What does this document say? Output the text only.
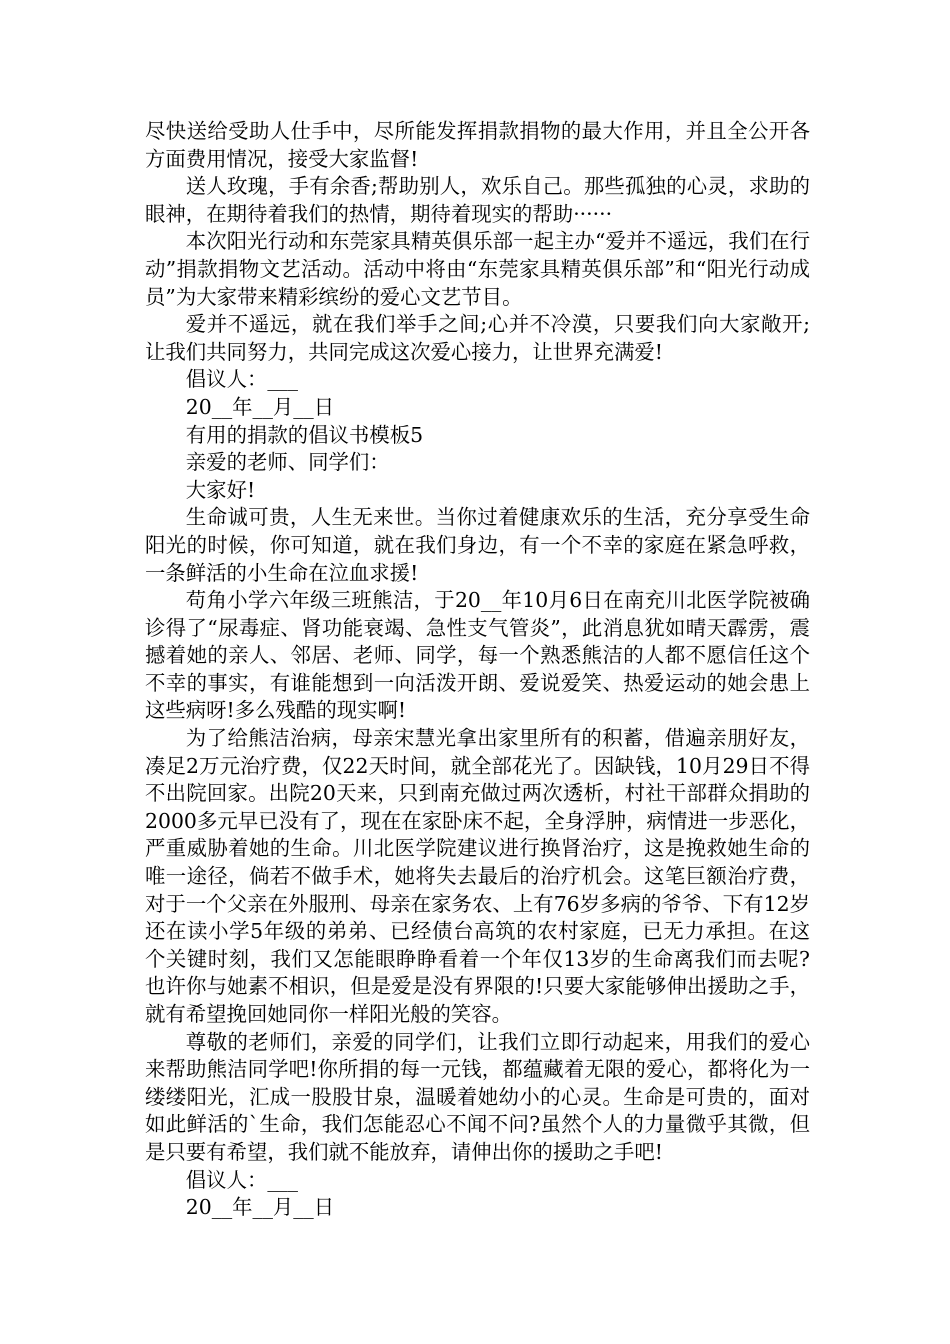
尽快送给受助人仕手中，尽所能发挥捐款捐物的最大作用，并且全公开各方面费用情况，接受大家监督!

送人玫瑰，手有余香;帮助别人，欢乐自己。那些孤独的心灵，求助的眼神，在期待着我们的热情，期待着现实的帮助······

本次阳光行动和东莞家具精英俱乐部一起主办“爱并不遥远，我们在行动”捐款捐物文艺活动。活动中将由“东莞家具精英俱乐部”和“阳光行动成员”为大家带来精彩缤纷的爱心文艺节目。

爱并不遥远，就在我们举手之间;心并不冷漠，只要我们向大家敞开;让我们共同努力，共同完成这次爱心接力，让世界充满爱!

倡议人：___

20__年__月__日

有用的捐款的倡议书模板5

亲爱的老师、同学们：

大家好!

生命诚可贵，人生无来世。当你过着健康欢乐的生活，充分享受生命阳光的时候，你可知道，就在我们身边，有一个不幸的家庭在紧急呼救，一条鲜活的小生命在泣血求援!

苟角小学六年级三班熊洁，于20__年10月6日在南充川北医学院被确诊得了“尿毒症、肾功能衰竭、急性支气管炎”，此消息犹如晴天霹雳，震撼着她的亲人、邻居、老师、同学，每一个熟悉熊洁的人都不愿信任这个不幸的事实，有谁能想到一向活泼开朗、爱说爱笑、热爱运动的她会患上这些病呀!多么残酷的现实啊!

为了给熊洁治病，母亲宋慧光拿出家里所有的积蓄，借遍亲朋好友，凑足2万元治疗费，仅22天时间，就全部花光了。因缺钱，10月29日不得不出院回家。出院20天来，只到南充做过两次透析，村社干部群众捐助的2000多元早已没有了，现在在家卧床不起，全身浮肿，病情进一步恶化，严重威胁着她的生命。川北医学院建议进行换肾治疗，这是挽救她生命的唯一途径，倘若不做手术，她将失去最后的治疗机会。这笔巨额治疗费，对于一个父亲在外服刑、母亲在家务农、上有76岁多病的爷爷、下有12岁还在读小学5年级的弟弟、已经债台高筑的农村家庭，已无力承担。在这个关键时刻，我们又怎能眼睁睁看着一个年仅13岁的生命离我们而去呢?也许你与她素不相识，但是爱是没有界限的!只要大家能够伸出援助之手，就有希望挽回她同你一样阳光般的笑容。

尊敬的老师们，亲爱的同学们，让我们立即行动起来，用我们的爱心来帮助熊洁同学吧!你所捐的每一元钱，都蕴藏着无限的爱心，都将化为一缕缕阳光，汇成一股股甘泉，温暖着她幼小的心灵。生命是可贵的，面对如此鲜活的`生命，我们怎能忍心不闻不问?虽然个人的力量微乎其微，但是只要有希望，我们就不能放弃，请伸出你的援助之手吧!

倡议人：___

20__年__月__日
